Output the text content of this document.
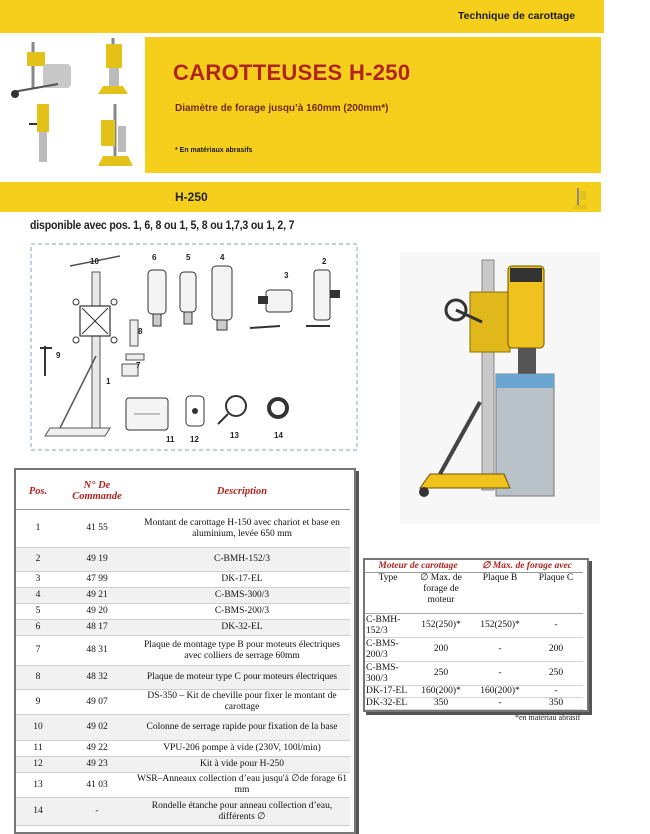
Technique de carottage
CAROTTEUSES H-250
Diamètre de forage jusqu’à 160mm (200mm*)
* En matériaux abrasifs
H-250
disponible avec pos. 1, 6, 8 ou 1, 5, 8 ou 1,7,3 ou 1, 2, 7
10	6	5	4
3
2
9
8
7
1
11 12	13	14
Pos.	N° De Commande	Description
1	41 55	Montant de carottage H-150 avec chariot et base en aluminium, levée 650 mm
2	49 19	C-BMH-152/3
3	47 99	DK-17-EL
4	49 21	C-BMS-300/3
5	49 20	C-BMS-200/3
6	48 17	DK-32-EL
7	48 31	Plaque de montage type B pour moteurs électriques avec colliers de serrage 60mm
8	48 32	Plaque de moteur type C pour moteurs électriques
9	49 07	DS-350 – Kit de cheville pour fixer le montant de carottage
10	49 02	Colonne de serrage rapide pour fixation de la base
11	49 22	VPU-206 pompe à vide (230V, 100l/min)
12	49 23	Kit à vide pour H-250
13	41 03	WSR–Anneaux collection d’eau jusqu'à ∅de forage 61 mm
14	-	Rondelle étanche pour anneau collection d’eau, différents ∅
Moteur de carottage		∅ Max. de forage avec	
Type	∅ Max. de forage de moteur	Plaque B	Plaque C
C-BMH-152/3	152(250)*	152(250)*	-
C-BMS-200/3	200	-	200
C-BMS-300/3	250	-	250
DK-17-EL	160(200)*	160(200)*	-
DK-32-EL	350	-	350
*en matériau abrasif
